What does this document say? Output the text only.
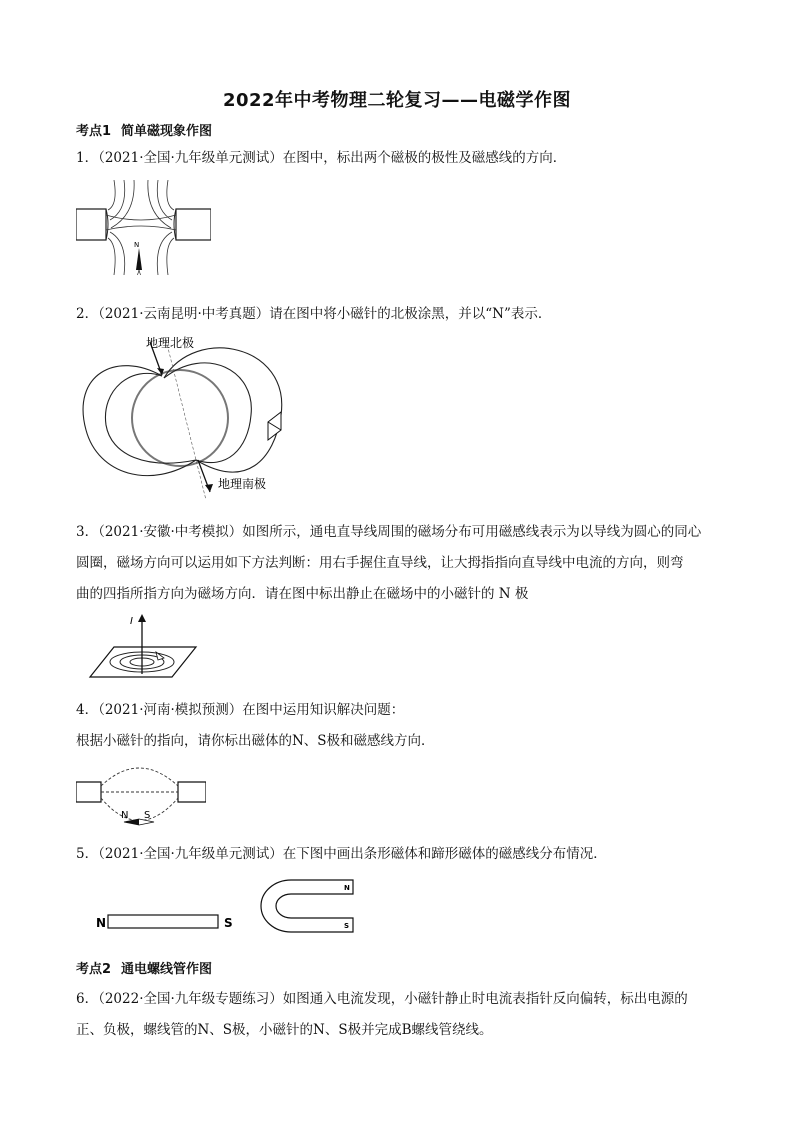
2022年中考物理二轮复习——电磁学作图
考点1 简单磁现象作图
1．（2021·全国·九年级单元测试）在图中，标出两个磁极的极性及磁感线的方向．
N
2．（2021·云南昆明·中考真题）请在图中将小磁针的北极涂黑，并以“N”表示．
地理北极
地理南极
3．（2021·安徽·中考模拟）如图所示，通电直导线周围的磁场分布可用磁感线表示为以导线为圆心的同心
圆圈，磁场方向可以运用如下方法判断：用右手握住直导线，让大拇指指向直导线中电流的方向，则弯
曲的四指所指方向为磁场方向．请在图中标出静止在磁场中的小磁针的 N 极
I
4．（2021·河南·模拟预测）在图中运用知识解决问题：
根据小磁针的指向，请你标出磁体的N、S极和磁感线方向．
N S
5．（2021·全国·九年级单元测试）在下图中画出条形磁体和蹄形磁体的磁感线分布情况．
N	S
N
S
考点2 通电螺线管作图
6．（2022·全国·九年级专题练习）如图通入电流发现，小磁针静止时电流表指针反向偏转，标出电源的
正、负极，螺线管的N、S极，小磁针的N、S极并完成B螺线管绕线。
